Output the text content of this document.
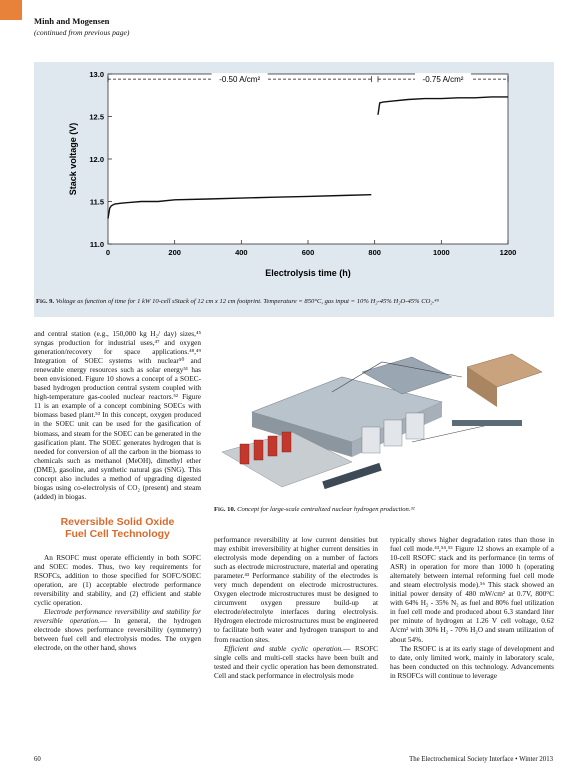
Minh and Mogensen
(continued from previous page)
Stack voltage (V)
Electrolysis time (h)
-0.50 A/cm²	-0.75 A/cm²
0	200	400	600	800	1000	1200
11.0
11.5
12.0
12.5
13.0
Fig. 9. Voltage as function of time for 1 kW 10-cell sStack of 12 cm x 12 cm footprint. Temperature = 850°C, gas input = 10% H₂-45% H₂O-45% CO₂.⁴⁵
Fig. 10. Concept for large-scale centralized nuclear hydrogen production.³²

and central station (e.g., 150,000 kg H₂/ day) sizes,⁴⁵ syngas production for industrial uses,⁴⁷ and oxygen generation/recovery for space applications.⁴⁸,⁴⁹ Integration of SOEC systems with nuclear⁵⁰ and renewable energy resources such as solar energy⁵¹ has been envisioned. Figure 10 shows a concept of a SOEC-based hydrogen production central system coupled with high-temperature gas-cooled nuclear reactors.⁵² Figure 11 is an example of a concept combining SOECs with biomass based plant.⁵³ In this concept, oxygen produced in the SOEC unit can be used for the gasification of biomass, and steam for the SOEC can be generated in the gasification plant. The SOEC generates hydrogen that is needed for conversion of all the carbon in the biomass to chemicals such as methanol (MeOH), dimethyl ether (DME), gasoline, and synthetic natural gas (SNG). This concept also includes a method of upgrading digested biogas using co-electrolysis of CO₂ (present) and steam (added) in biogas.

Reversible Solid Oxide
Fuel Cell Technology

An RSOFC must operate efficiently in both SOFC and SOEC modes. Thus, two key requirements for RSOFCs, addition to those specified for SOFC/SOEC operation, are (1) acceptable electrode performance reversibility and stability, and (2) efficient and stable cyclic operation.

Electrode performance reversibility and stability for reversible operation.— In general, the hydrogen electrode shows performance reversibility (symmetry) between fuel cell and electrolysis modes. The oxygen electrode, on the other hand, shows

performance reversibility at low current densities but may exhibit irreversibility at higher current densities in electrolysis mode depending on a number of factors such as electrode microstructure, material and operating parameter.⁴³ Performance stability of the electrodes is very much dependent on electrode microstructures. Oxygen electrode microstructures must be designed to circumvent oxygen pressure build-up at electrode/electrolyte interfaces during electrolysis. Hydrogen electrode microstructures must be engineered to facilitate both water and hydrogen transport to and from reaction sites.

Efficient and stable cyclic operation.— RSOFC single cells and multi-cell stacks have been built and tested and their cyclic operation has been demonstrated. Cell and stack performance in electrolysis mode

typically shows higher degradation rates than those in fuel cell mode.⁴³,⁵⁴,⁵⁵ Figure 12 shows an example of a 10-cell RSOFC stack and its performance (in terms of ASR) in operation for more than 1000 h (operating alternately between internal reforming fuel cell mode and steam electrolysis mode).⁵⁶ This stack showed an initial power density of 480 mW/cm² at 0.7V, 800°C with 64% H₂ - 35% N₂ as fuel and 80% fuel utilization in fuel cell mode and produced about 6.3 standard liter per minute of hydrogen at 1.26 V cell voltage, 0.62 A/cm² with 30% H₂ - 70% H₂O and steam utilization of about 54%.

The RSOFC is at its early stage of development and to date, only limited work, mainly in laboratory scale, has been conducted on this technology. Advancements in RSOFCs will continue to leverage

60	The Electrochemical Society Interface • Winter 2013
